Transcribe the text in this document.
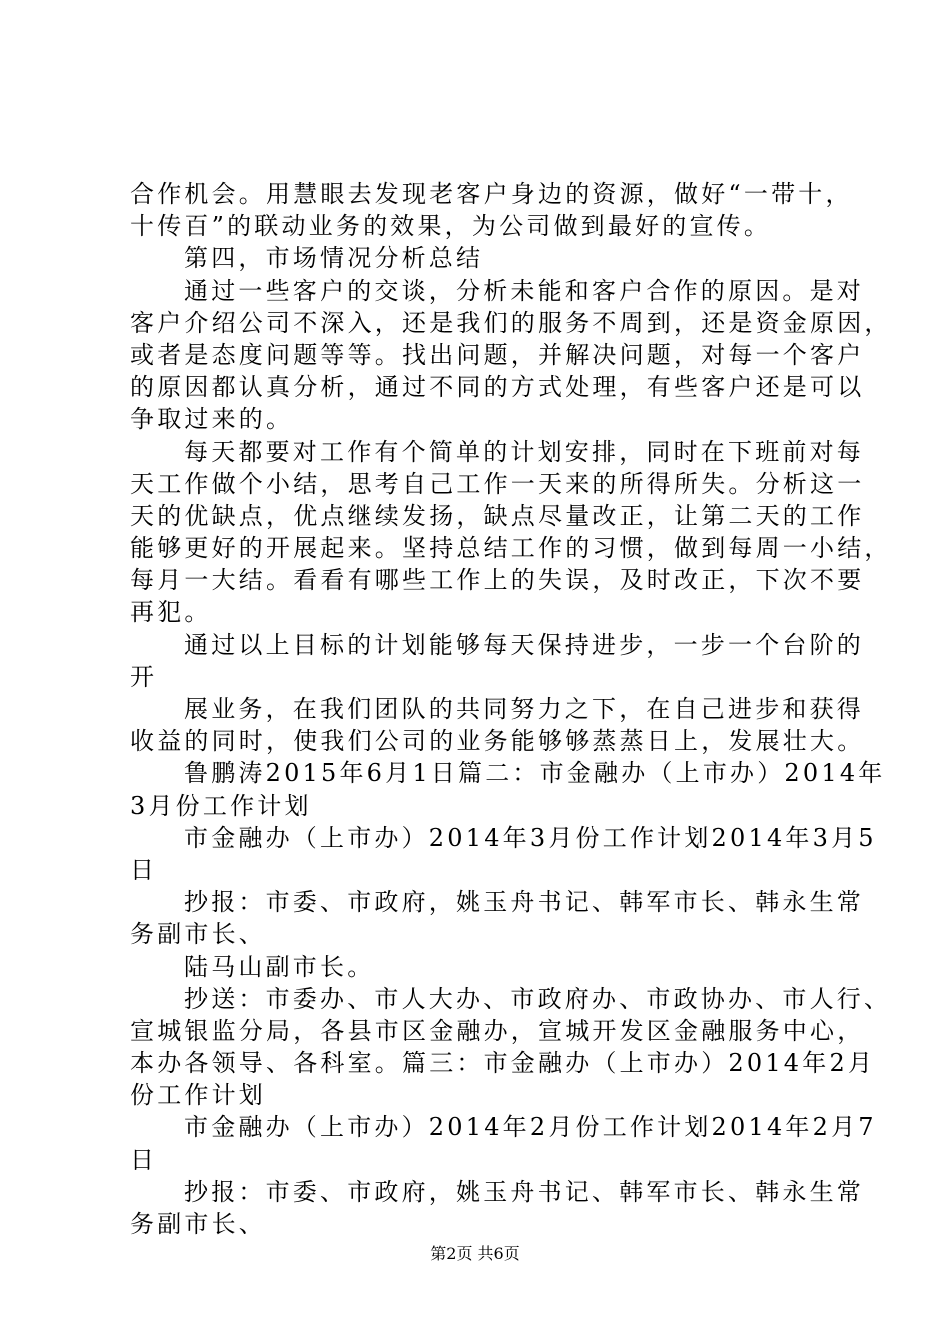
合作机会。用慧眼去发现老客户身边的资源，做好“一带十，
十传百”的联动业务的效果，为公司做到最好的宣传。

第四，市场情况分析总结

通过一些客户的交谈，分析未能和客户合作的原因。是对
客户介绍公司不深入，还是我们的服务不周到，还是资金原因，
或者是态度问题等等。找出问题，并解决问题，对每一个客户
的原因都认真分析，通过不同的方式处理，有些客户还是可以
争取过来的。

每天都要对工作有个简单的计划安排，同时在下班前对每
天工作做个小结，思考自己工作一天来的所得所失。分析这一
天的优缺点，优点继续发扬，缺点尽量改正，让第二天的工作
能够更好的开展起来。坚持总结工作的习惯，做到每周一小结，
每月一大结。看看有哪些工作上的失误，及时改正，下次不要
再犯。

通过以上目标的计划能够每天保持进步，一步一个台阶的
开

展业务，在我们团队的共同努力之下，在自己进步和获得
收益的同时，使我们公司的业务能够够蒸蒸日上，发展壮大。

鲁鹏涛2015年6月1日篇二：市金融办（上市办）2014年
3月份工作计划

市金融办（上市办）2014年3月份工作计划2014年3月5
日

抄报：市委、市政府，姚玉舟书记、韩军市长、韩永生常
务副市长、

陆马山副市长。

抄送：市委办、市人大办、市政府办、市政协办、市人行、
宣城银监分局，各县市区金融办，宣城开发区金融服务中心，
本办各领导、各科室。篇三：市金融办（上市办）2014年2月
份工作计划

市金融办（上市办）2014年2月份工作计划2014年2月7
日

抄报：市委、市政府，姚玉舟书记、韩军市长、韩永生常
务副市长、

第2页 共6页
